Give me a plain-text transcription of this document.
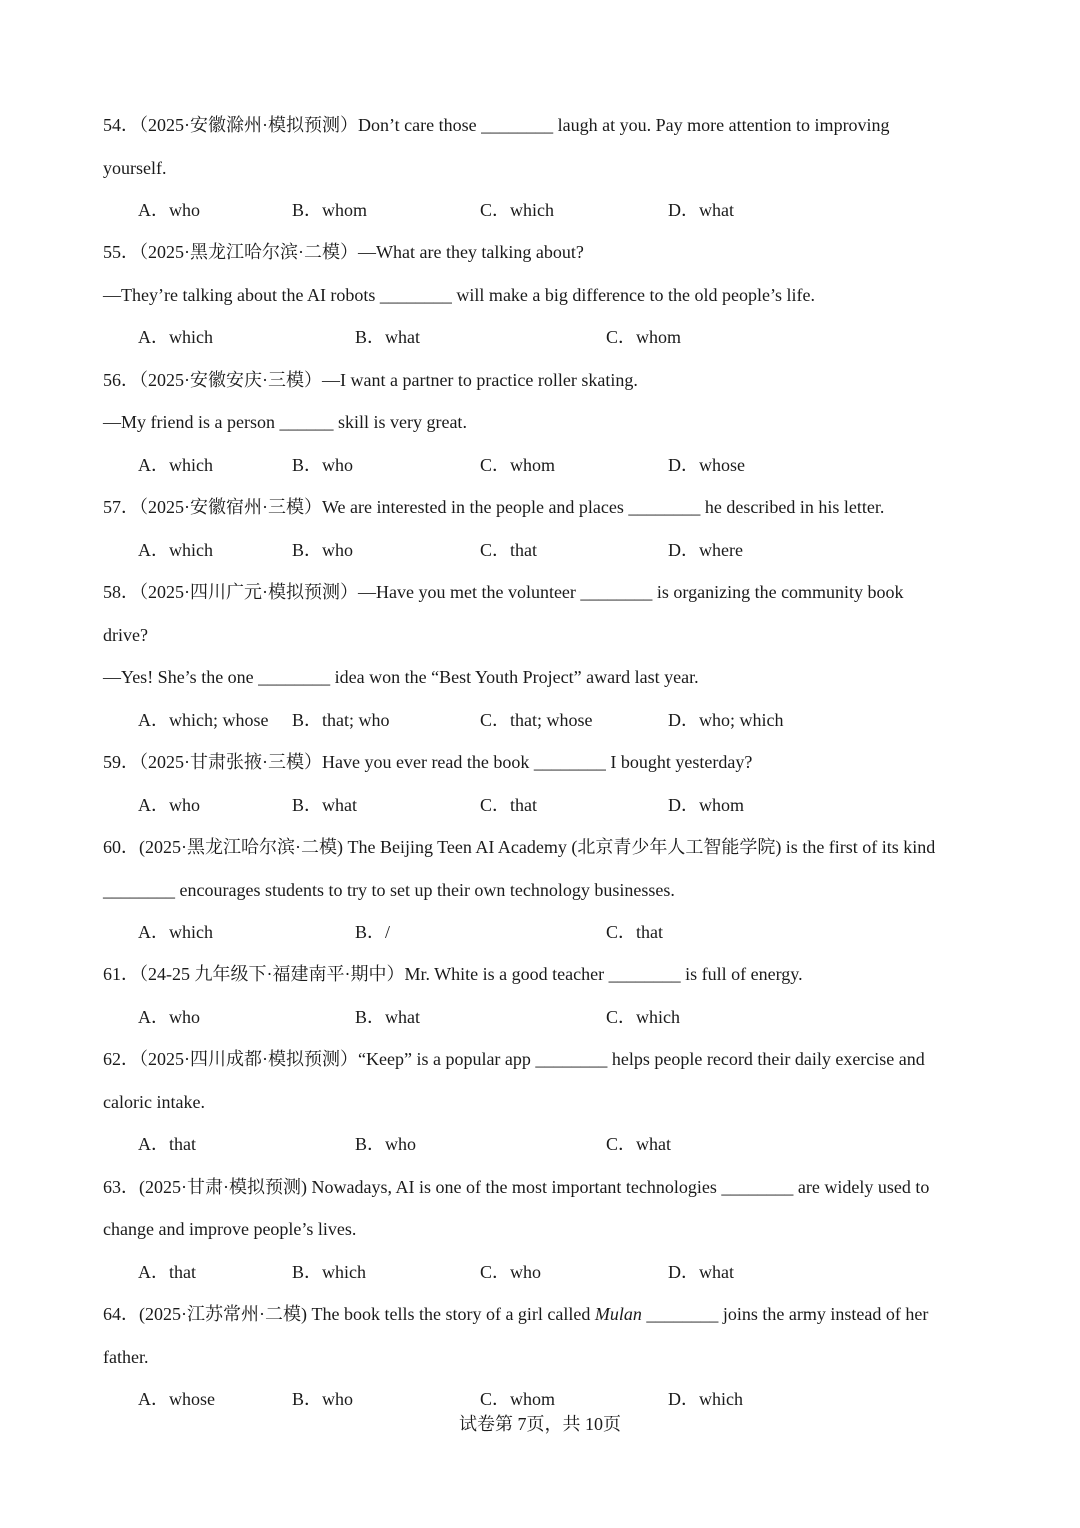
54．（2025·安徽滁州·模拟预测）Don’t care those ________ laugh at you. Pay more attention to improving
yourself.
A．who	B．whom	C．which	D．what
55．（2025·黑龙江哈尔滨·二模）—What are they talking about?
—They’re talking about the AI robots ________ will make a big difference to the old people’s life.
A．which	B．what	C．whom
56．（2025·安徽安庆·三模）—I want a partner to practice roller skating.
—My friend is a person ______ skill is very great.
A．which	B．who	C．whom	D．whose
57．（2025·安徽宿州·三模）We are interested in the people and places ________ he described in his letter.
A．which	B．who	C．that	D．where
58．（2025·四川广元·模拟预测）—Have you met the volunteer ________ is organizing the community book
drive?
—Yes! She’s the one ________ idea won the “Best Youth Project” award last year.
A．which; whose B．that; who	C．that; whose	D．who; which
59．（2025·甘肃张掖·三模）Have you ever read the book ________ I bought yesterday?
A．who	B．what	C．that	D．whom
60．(2025·黑龙江哈尔滨·二模) The Beijing Teen AI Academy (北京青少年人工智能学院) is the first of its kind
________ encourages students to try to set up their own technology businesses.
A．which	B．/	C．that
61．（24-25 九年级下·福建南平·期中）Mr. White is a good teacher ________ is full of energy.
A．who	B．what	C．which
62．（2025·四川成都·模拟预测）“Keep” is a popular app ________ helps people record their daily exercise and
caloric intake.
A．that	B．who	C．what
63．(2025·甘肃·模拟预测) Nowadays, AI is one of the most important technologies ________ are widely used to
change and improve people’s lives.
A．that	B．which	C．who	D．what
64．(2025·江苏常州·二模) The book tells the story of a girl called Mulan ________ joins the army instead of her
father.
A．whose	B．who	C．whom	D．which
试卷第 7页，共 10页
